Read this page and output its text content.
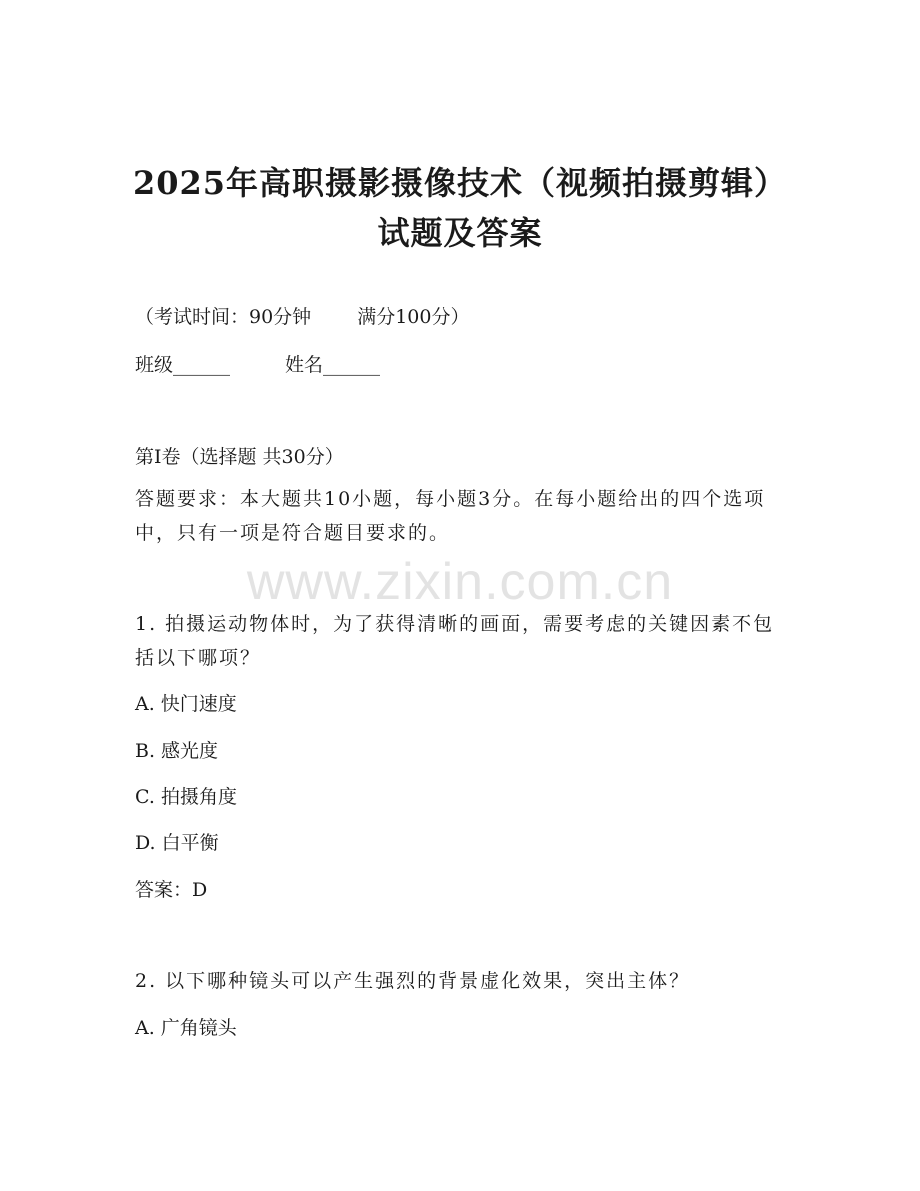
www.zixin.com.cn
2025年高职摄影摄像技术（视频拍摄剪辑）
试题及答案
（考试时间：90分钟 满分100分）
班级______	姓名______
第I卷（选择题 共30分）
答题要求：本大题共10小题，每小题3分。在每小题给出的四个选项中，只有一项是符合题目要求的。
1. 拍摄运动物体时，为了获得清晰的画面，需要考虑的关键因素不包括以下哪项？
A. 快门速度
B. 感光度
C. 拍摄角度
D. 白平衡
答案：D
2. 以下哪种镜头可以产生强烈的背景虚化效果，突出主体？
A. 广角镜头
